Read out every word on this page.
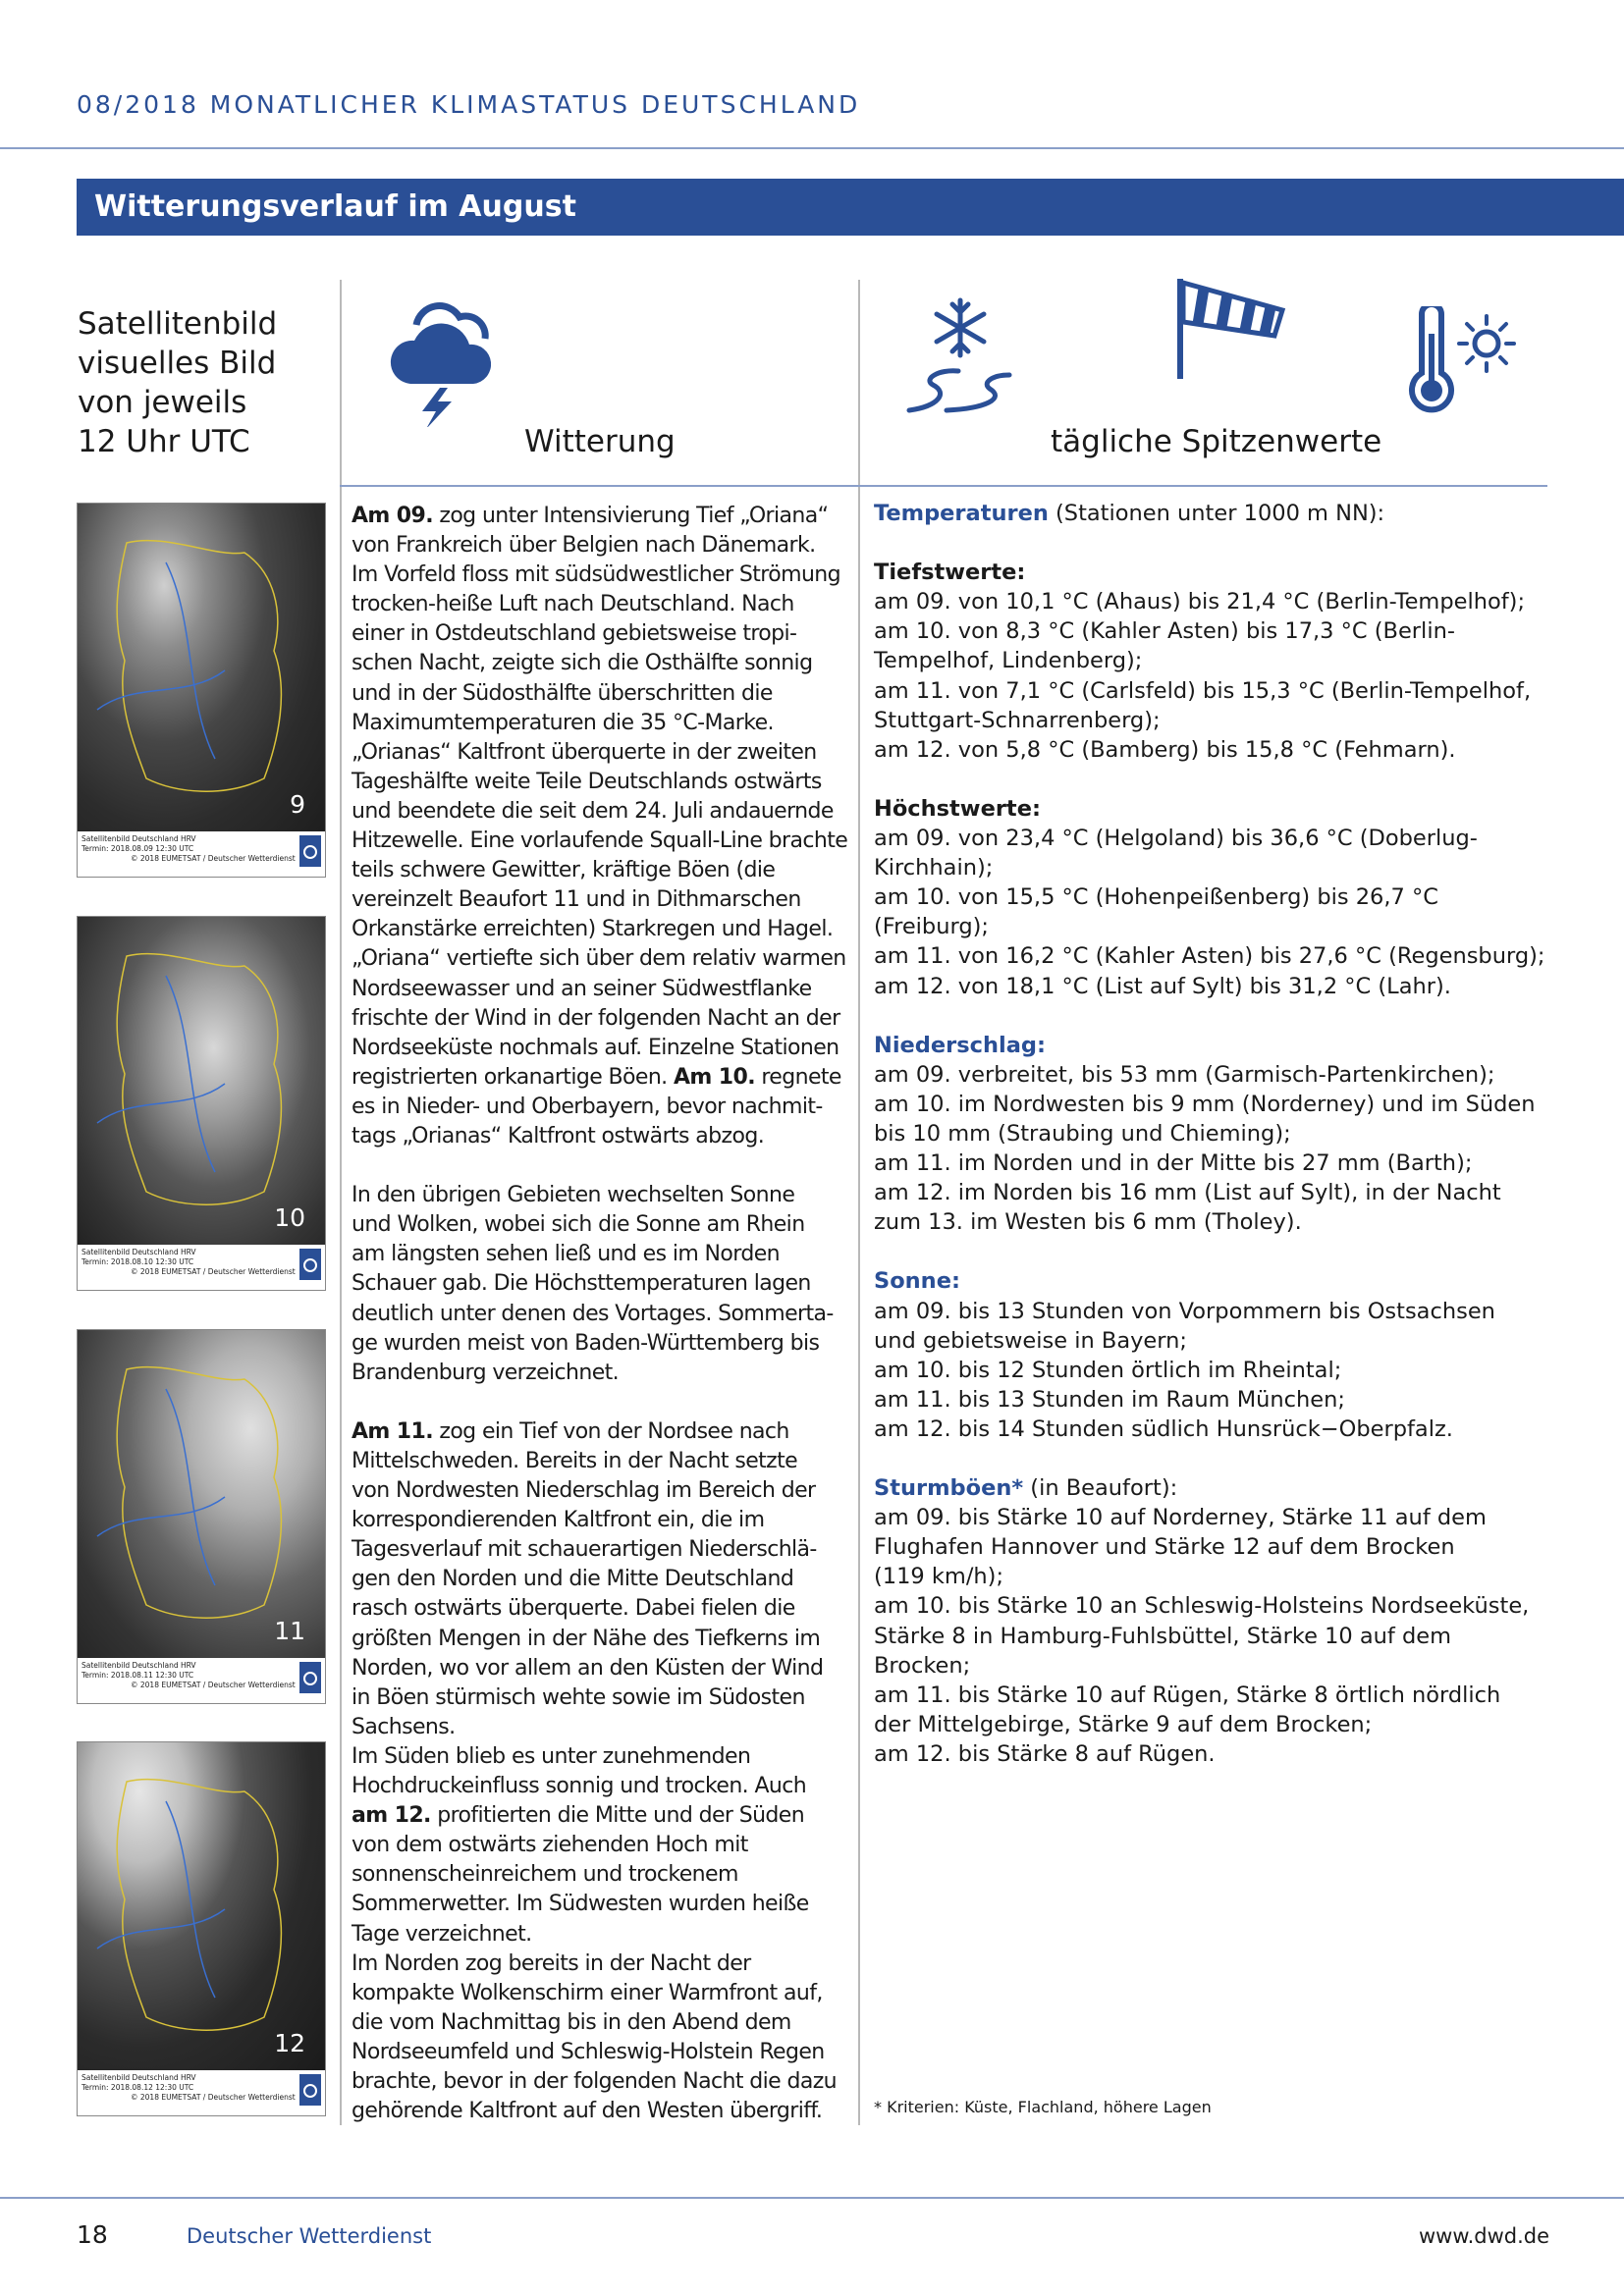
08/2018 MONATLICHER KLIMASTATUS DEUTSCHLAND
Witterungsverlauf im August
Satellitenbild
visuelles Bild
von jeweils
12 Uhr UTC	Witterung	tägliche Spitzenwerte
9
Satellitenbild Deutschland HRV
Termin: 2018.08.09 12:30 UTC
© 2018 EUMETSAT / Deutscher Wetterdienst
10
Satellitenbild Deutschland HRV
Termin: 2018.08.10 12:30 UTC
© 2018 EUMETSAT / Deutscher Wetterdienst
11
Satellitenbild Deutschland HRV
Termin: 2018.08.11 12:30 UTC
© 2018 EUMETSAT / Deutscher Wetterdienst
12
Satellitenbild Deutschland HRV
Termin: 2018.08.12 12:30 UTC
© 2018 EUMETSAT / Deutscher Wetterdienst

Am 09. zog unter Intensivierung Tief „Oriana“

von Frankreich über Belgien nach Dänemark.

Im Vorfeld floss mit südsüdwestlicher Strömung

trocken-heiße Luft nach Deutschland. Nach

einer in Ostdeutschland gebietsweise tropi-

schen Nacht, zeigte sich die Osthälfte sonnig

und in der Südosthälfte überschritten die

Maximumtemperaturen die 35 °C-Marke.

„Orianas“ Kaltfront überquerte in der zweiten

Tageshälfte weite Teile Deutschlands ostwärts

und beendete die seit dem 24. Juli andauernde

Hitzewelle. Eine vorlaufende Squall-Line brachte

teils schwere Gewitter, kräftige Böen (die

vereinzelt Beaufort 11 und in Dithmarschen

Orkanstärke erreichten) Starkregen und Hagel.

„Oriana“ vertiefte sich über dem relativ warmen

Nordseewasser und an seiner Südwestflanke

frischte der Wind in der folgenden Nacht an der

Nordseeküste nochmals auf. Einzelne Stationen

registrierten orkanartige Böen. Am 10. regnete

es in Nieder- und Oberbayern, bevor nachmit-

tags „Orianas“ Kaltfront ostwärts abzog.

In den übrigen Gebieten wechselten Sonne

und Wolken, wobei sich die Sonne am Rhein

am längsten sehen ließ und es im Norden

Schauer gab. Die Höchsttemperaturen lagen

deutlich unter denen des Vortages. Sommerta-

ge wurden meist von Baden-Württemberg bis

Brandenburg verzeichnet.

Am 11. zog ein Tief von der Nordsee nach

Mittelschweden. Bereits in der Nacht setzte

von Nordwesten Niederschlag im Bereich der

korrespondierenden Kaltfront ein, die im

Tagesverlauf mit schauerartigen Niederschlä-

gen den Norden und die Mitte Deutschland

rasch ostwärts überquerte. Dabei fielen die

größten Mengen in der Nähe des Tiefkerns im

Norden, wo vor allem an den Küsten der Wind

in Böen stürmisch wehte sowie im Südosten

Sachsens.

Im Süden blieb es unter zunehmenden

Hochdruckeinfluss sonnig und trocken. Auch

am 12. profitierten die Mitte und der Süden

von dem ostwärts ziehenden Hoch mit

sonnenscheinreichem und trockenem

Sommerwetter. Im Südwesten wurden heiße

Tage verzeichnet.

Im Norden zog bereits in der Nacht der

kompakte Wolkenschirm einer Warmfront auf,

die vom Nachmittag bis in den Abend dem

Nordseeumfeld und Schleswig-Holstein Regen

brachte, bevor in der folgenden Nacht die dazu

gehörende Kaltfront auf den Westen übergriff.

Temperaturen (Stationen unter 1000 m NN):

Tiefstwerte:

am 09. von 10,1 °C (Ahaus) bis 21,4 °C (Berlin-Tempelhof);

am 10. von 8,3 °C (Kahler Asten) bis 17,3 °C (Berlin-

Tempelhof, Lindenberg);

am 11. von 7,1 °C (Carlsfeld) bis 15,3 °C (Berlin-Tempelhof,

Stuttgart-Schnarrenberg);

am 12. von 5,8 °C (Bamberg) bis 15,8 °C (Fehmarn).

Höchstwerte:

am 09. von 23,4 °C (Helgoland) bis 36,6 °C (Doberlug-

Kirchhain);

am 10. von 15,5 °C (Hohenpeißenberg) bis 26,7 °C

(Freiburg);

am 11. von 16,2 °C (Kahler Asten) bis 27,6 °C (Regensburg);

am 12. von 18,1 °C (List auf Sylt) bis 31,2 °C (Lahr).

Niederschlag:

am 09. verbreitet, bis 53 mm (Garmisch-Partenkirchen);

am 10. im Nordwesten bis 9 mm (Norderney) und im Süden

bis 10 mm (Straubing und Chieming);

am 11. im Norden und in der Mitte bis 27 mm (Barth);

am 12. im Norden bis 16 mm (List auf Sylt), in der Nacht

zum 13. im Westen bis 6 mm (Tholey).

Sonne:

am 09. bis 13 Stunden von Vorpommern bis Ostsachsen

und gebietsweise in Bayern;

am 10. bis 12 Stunden örtlich im Rheintal;

am 11. bis 13 Stunden im Raum München;

am 12. bis 14 Stunden südlich Hunsrück−Oberpfalz.

Sturmböen* (in Beaufort):

am 09. bis Stärke 10 auf Norderney, Stärke 11 auf dem

Flughafen Hannover und Stärke 12 auf dem Brocken

(119 km/h);

am 10. bis Stärke 10 an Schleswig-Holsteins Nordseeküste,

Stärke 8 in Hamburg-Fuhlsbüttel, Stärke 10 auf dem

Brocken;

am 11. bis Stärke 10 auf Rügen, Stärke 8 örtlich nördlich

der Mittelgebirge, Stärke 9 auf dem Brocken;

am 12. bis Stärke 8 auf Rügen.

* Kriterien: Küste, Flachland, höhere Lagen
18	Deutscher Wetterdienst	www.dwd.de
